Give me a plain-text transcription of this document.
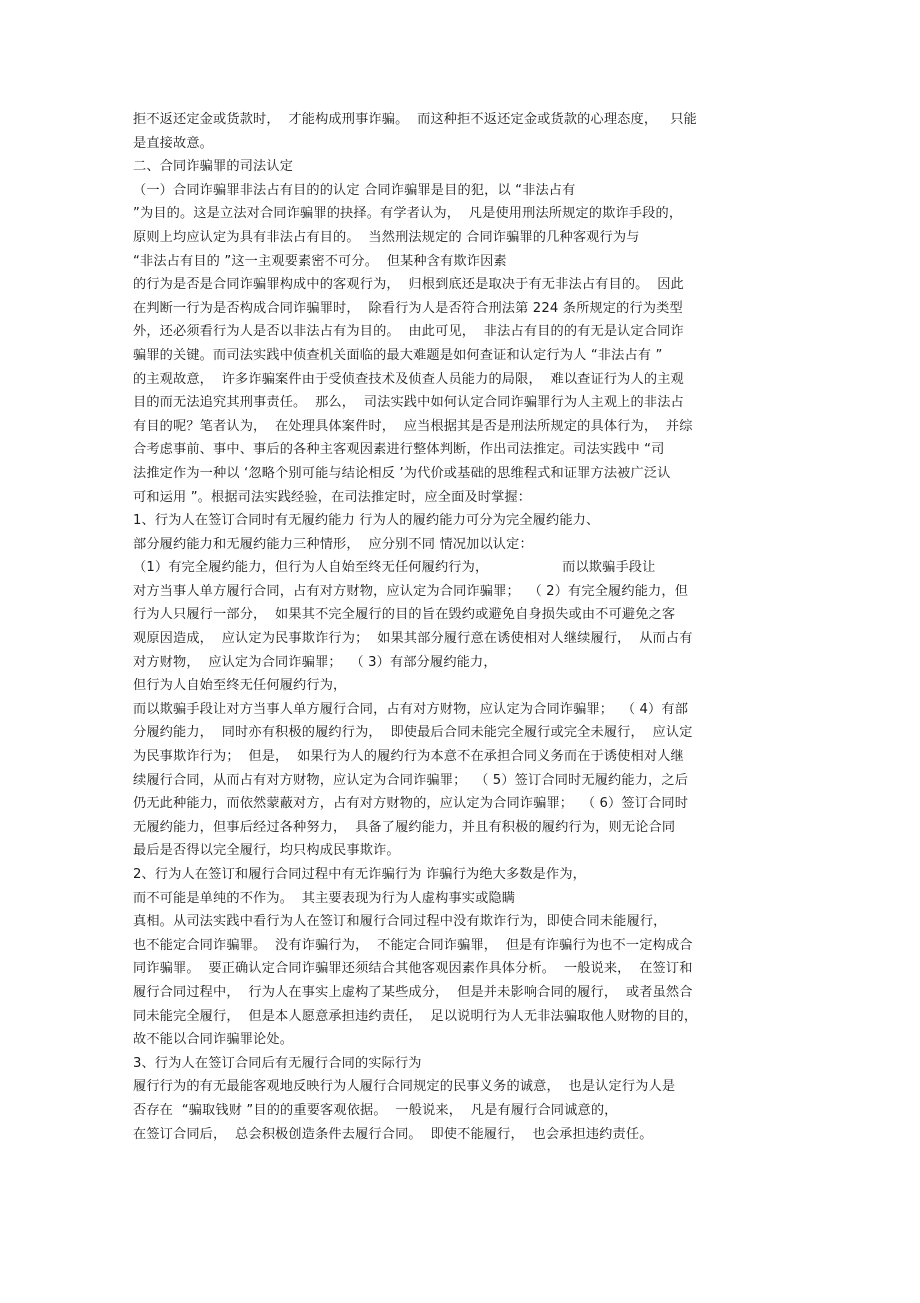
拒不返还定金或货款时，  才能构成刑事诈骗。  而这种拒不返还定金或货款的心理态度，   只能
是直接故意。
二、合同诈骗罪的司法认定
（一）合同诈骗罪非法占有目的的认定 合同诈骗罪是目的犯，以 “非法占有
”为目的。这是立法对合同诈骗罪的抉择。有学者认为，  凡是使用刑法所规定的欺诈手段的，
原则上均应认定为具有非法占有目的。  当然刑法规定的 合同诈骗罪的几种客观行为与
“非法占有目的 ”这一主观要素密不可分。  但某种含有欺诈因素
的行为是否是合同诈骗罪构成中的客观行为，  归根到底还是取决于有无非法占有目的。  因此
在判断一行为是否构成合同诈骗罪时，  除看行为人是否符合刑法第 224 条所规定的行为类型
外，还必须看行为人是否以非法占有为目的。  由此可见，  非法占有目的的有无是认定合同诈
骗罪的关键。而司法实践中侦查机关面临的最大难题是如何查证和认定行为人 “非法占有 ”
的主观故意，  许多诈骗案件由于受侦查技术及侦查人员能力的局限，  难以查证行为人的主观
目的而无法追究其刑事责任。  那么，  司法实践中如何认定合同诈骗罪行为人主观上的非法占
有目的呢？笔者认为，  在处理具体案件时，  应当根据其是否是刑法所规定的具体行为，  并综
合考虑事前、事中、事后的各种主客观因素进行整体判断，作出司法推定。司法实践中 “司
法推定作为一种以 ‘忽略个别可能与结论相反 ’为代价或基础的思维程式和证罪方法被广泛认
可和运用 ”。根据司法实践经验，在司法推定时，应全面及时掌握：
1、行为人在签订合同时有无履约能力 行为人的履约能力可分为完全履约能力、
部分履约能力和无履约能力三种情形，  应分别不同 情况加以认定：
（1）有完全履约能力，但行为人自始至终无任何履约行为，                 而以欺骗手段让
对方当事人单方履行合同，占有对方财物，应认定为合同诈骗罪；  （ 2）有完全履约能力，但
行为人只履行一部分，  如果其不完全履行的目的旨在毁约或避免自身损失或由不可避免之客
观原因造成，  应认定为民事欺诈行为；  如果其部分履行意在诱使相对人继续履行，  从而占有
对方财物，  应认定为合同诈骗罪；  （ 3）有部分履约能力，
但行为人自始至终无任何履约行为，
而以欺骗手段让对方当事人单方履行合同，占有对方财物，应认定为合同诈骗罪；  （ 4）有部
分履约能力，  同时亦有积极的履约行为，  即使最后合同未能完全履行或完全未履行，  应认定
为民事欺诈行为；  但是，  如果行为人的履约行为本意不在承担合同义务而在于诱使相对人继
续履行合同，从而占有对方财物，应认定为合同诈骗罪；  （ 5）签订合同时无履约能力，之后
仍无此种能力，而依然蒙蔽对方，占有对方财物的，应认定为合同诈骗罪；  （ 6）签订合同时
无履约能力，但事后经过各种努力，  具备了履约能力，并且有积极的履约行为，则无论合同
最后是否得以完全履行，均只构成民事欺诈。
2、行为人在签订和履行合同过程中有无诈骗行为 诈骗行为绝大多数是作为，
而不可能是单纯的不作为。  其主要表现为行为人虚构事实或隐瞒
真相。从司法实践中看行为人在签订和履行合同过程中没有欺诈行为，即使合同未能履行，
也不能定合同诈骗罪。  没有诈骗行为，  不能定合同诈骗罪，  但是有诈骗行为也不一定构成合
同诈骗罪。  要正确认定合同诈骗罪还须结合其他客观因素作具体分析。  一般说来，  在签订和
履行合同过程中，  行为人在事实上虚构了某些成分，  但是并未影响合同的履行，  或者虽然合
同未能完全履行，  但是本人愿意承担违约责任，  足以说明行为人无非法骗取他人财物的目的，
故不能以合同诈骗罪论处。
3、行为人在签订合同后有无履行合同的实际行为
履行行为的有无最能客观地反映行为人履行合同规定的民事义务的诚意，  也是认定行为人是
否存在  “骗取钱财 ”目的的重要客观依据。  一般说来，  凡是有履行合同诚意的，
在签订合同后，  总会积极创造条件去履行合同。  即使不能履行，  也会承担违约责任。
